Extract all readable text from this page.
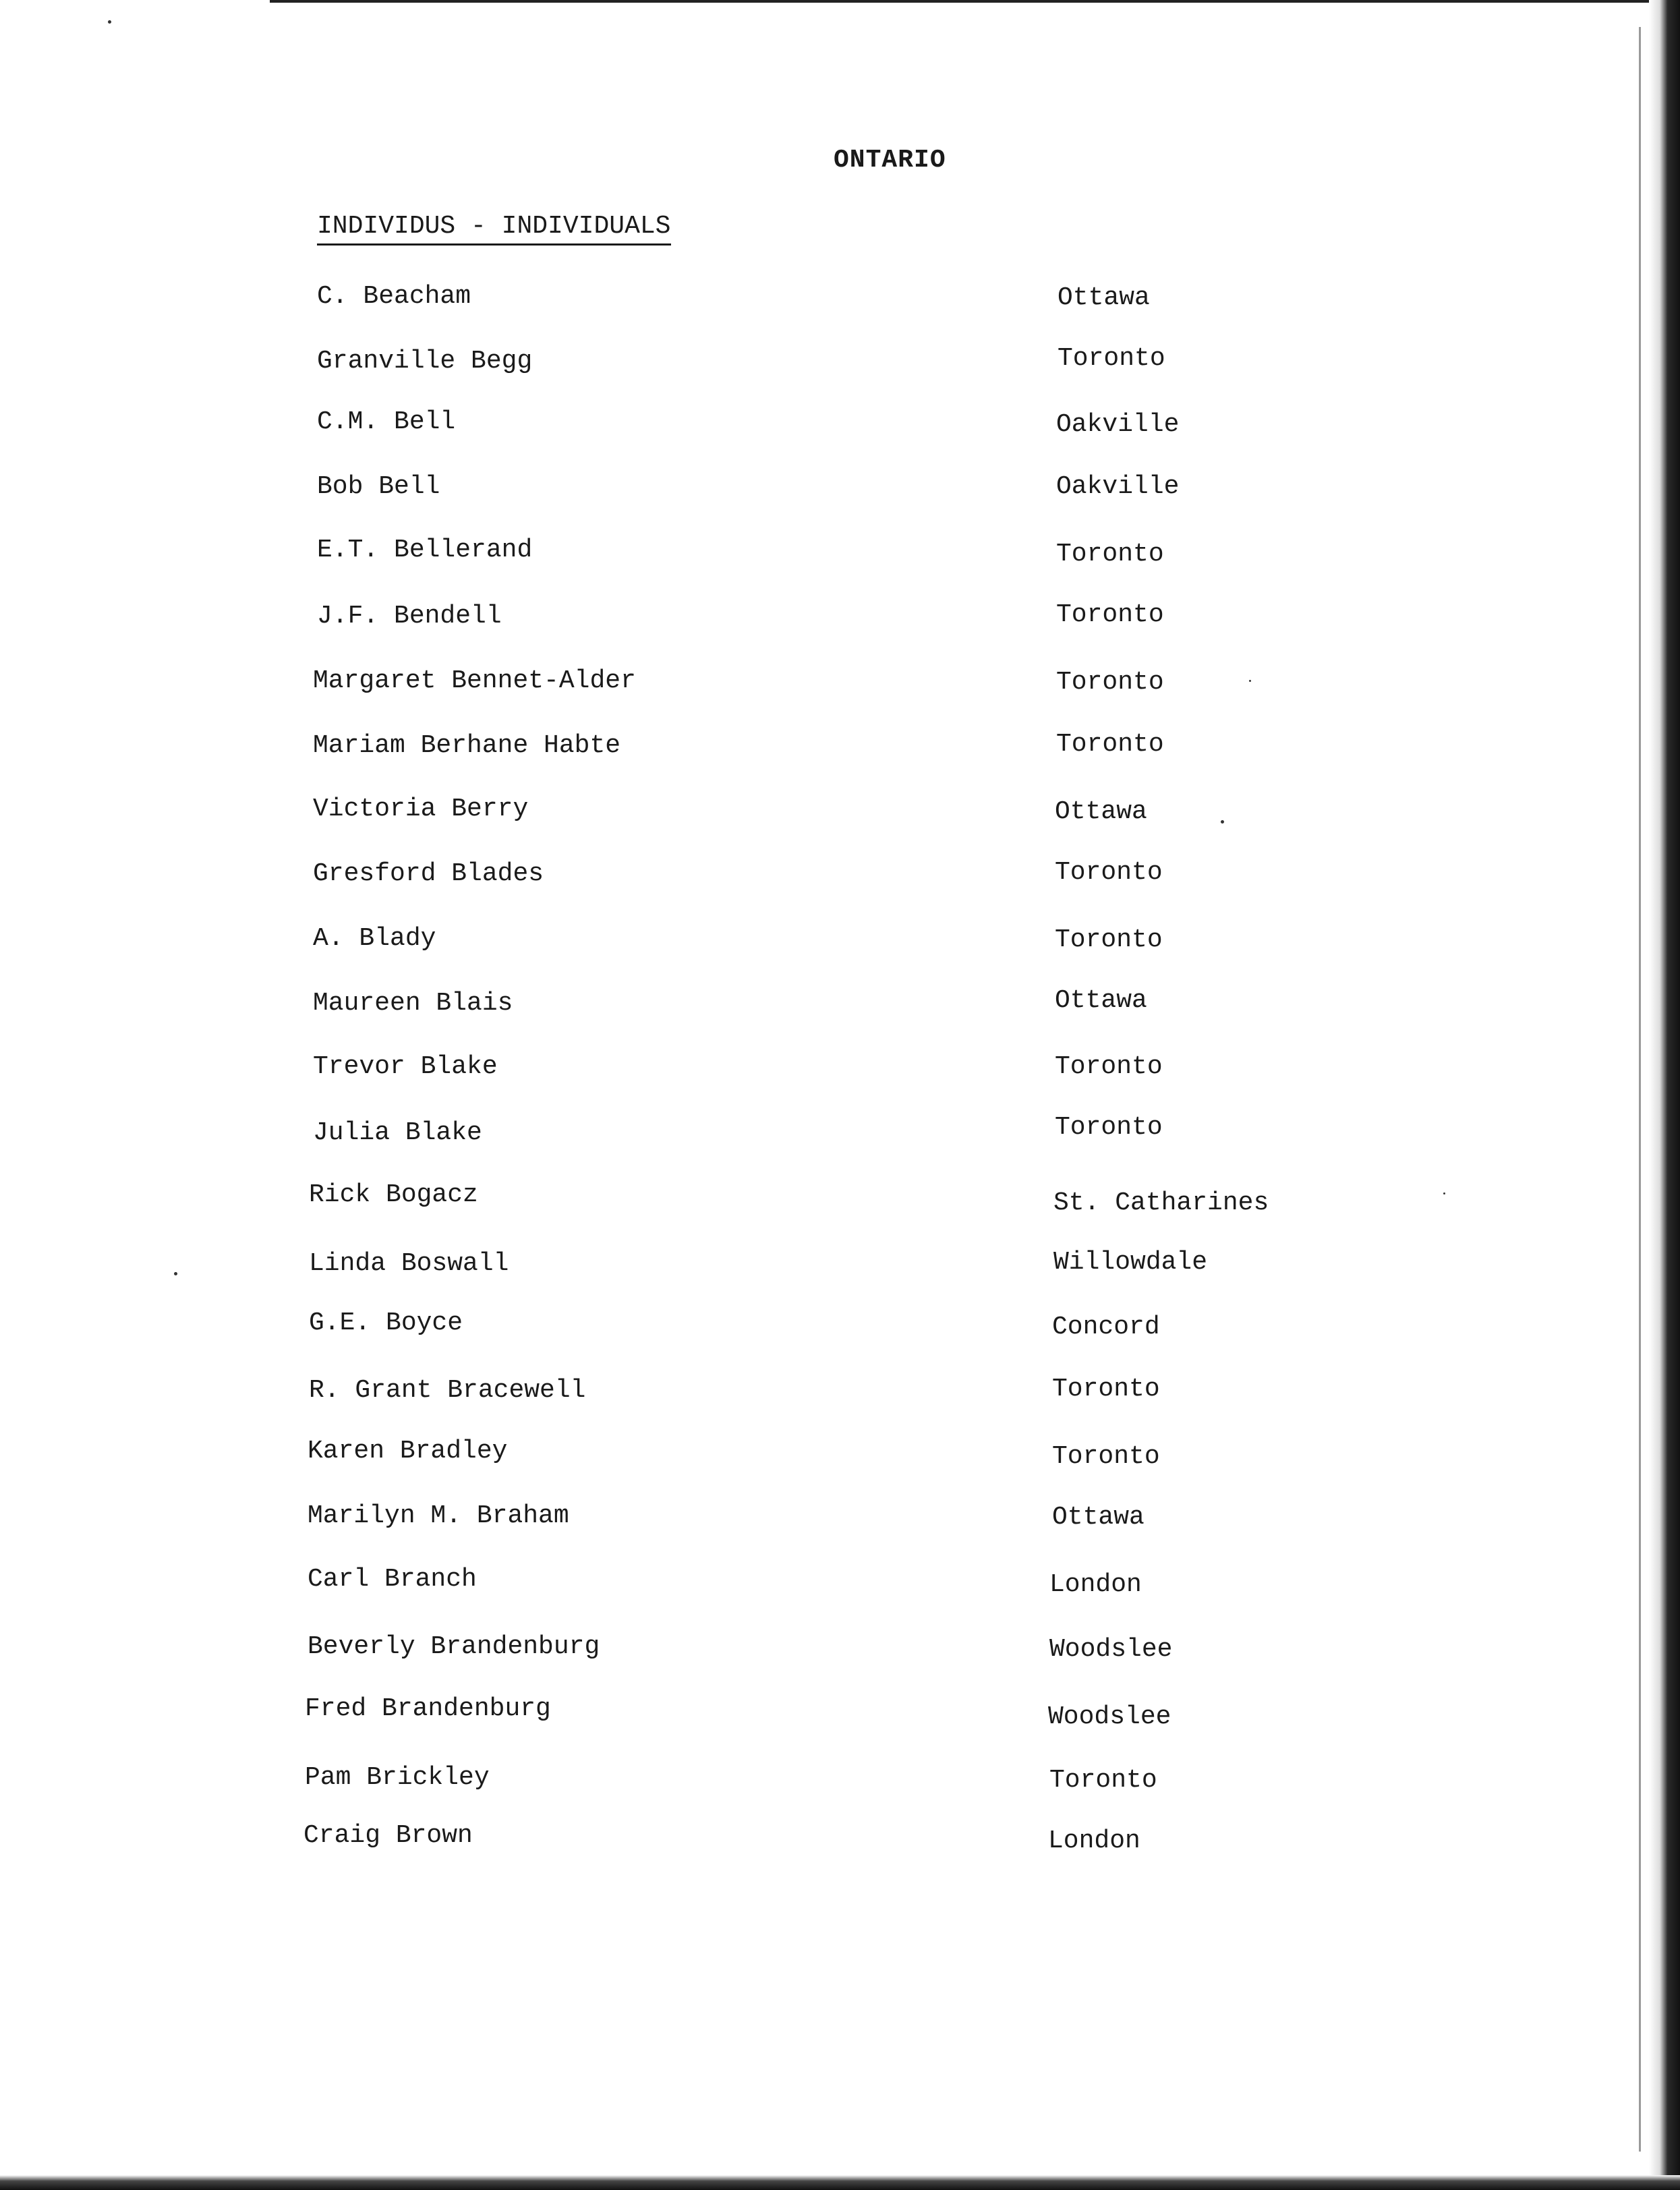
ONTARIO
INDIVIDUS - INDIVIDUALS
C. Beacham	Ottawa
Granville Begg	Toronto
C.M. Bell	Oakville
Bob Bell	Oakville
E.T. Bellerand	Toronto
J.F. Bendell	Toronto
Margaret Bennet-Alder	Toronto
Mariam Berhane Habte	Toronto
Victoria Berry	Ottawa
Gresford Blades	Toronto
A. Blady	Toronto
Maureen Blais	Ottawa
Trevor Blake	Toronto
Julia Blake	Toronto
Rick Bogacz	St. Catharines
Linda Boswall	Willowdale
G.E. Boyce	Concord
R. Grant Bracewell	Toronto
Karen Bradley	Toronto
Marilyn M. Braham	Ottawa
Carl Branch	London
Beverly Brandenburg	Woodslee
Fred Brandenburg	Woodslee
Pam Brickley	Toronto
Craig Brown	London
